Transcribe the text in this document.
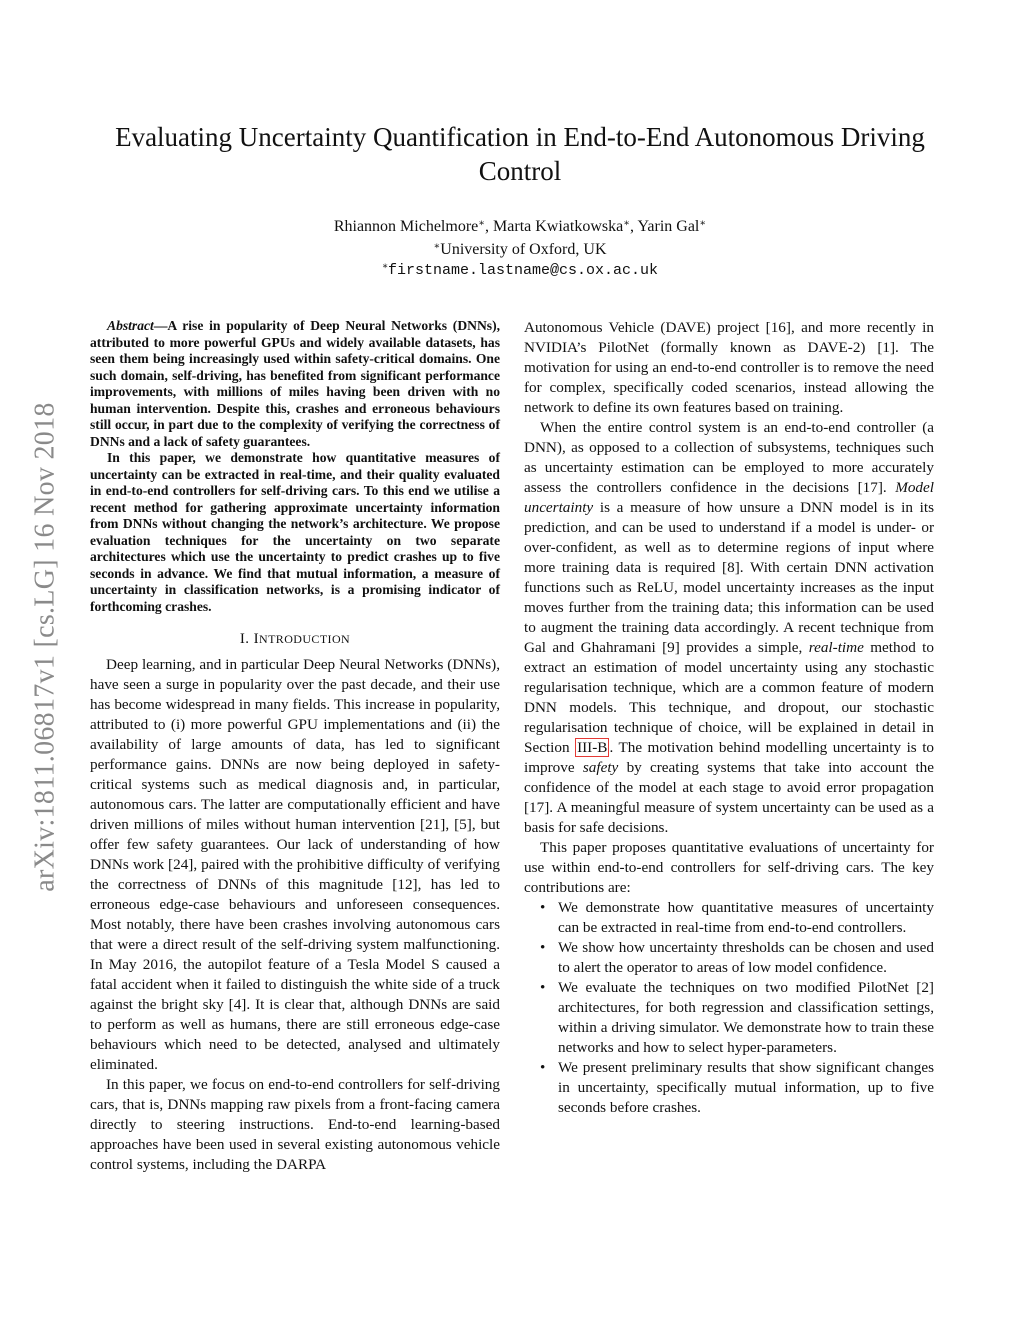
arXiv:1811.06817v1 [cs.LG] 16 Nov 2018
Evaluating Uncertainty Quantification in End-to-End Autonomous Driving Control
Rhiannon Michelmore∗, Marta Kwiatkowska∗, Yarin Gal∗
∗University of Oxford, UK
∗firstname.lastname@cs.ox.ac.uk

Abstract—A rise in popularity of Deep Neural Networks (DNNs), attributed to more powerful GPUs and widely available datasets, has seen them being increasingly used within safety-critical domains. One such domain, self-driving, has benefited from significant performance improvements, with millions of miles having been driven with no human intervention. Despite this, crashes and erroneous behaviours still occur, in part due to the complexity of verifying the correctness of DNNs and a lack of safety guarantees.

In this paper, we demonstrate how quantitative measures of uncertainty can be extracted in real-time, and their quality evaluated in end-to-end controllers for self-driving cars. To this end we utilise a recent method for gathering approximate uncertainty information from DNNs without changing the network’s architecture. We propose evaluation techniques for the uncertainty on two separate architectures which use the uncertainty to predict crashes up to five seconds in advance. We find that mutual information, a measure of uncertainty in classification networks, is a promising indicator of forthcoming crashes.

I. INTRODUCTION

Deep learning, and in particular Deep Neural Networks (DNNs), have seen a surge in popularity over the past decade, and their use has become widespread in many fields. This increase in popularity, attributed to (i) more powerful GPU implementations and (ii) the availability of large amounts of data, has led to significant performance gains. DNNs are now being deployed in safety-critical systems such as medical diagnosis and, in particular, autonomous cars. The latter are computationally efficient and have driven millions of miles without human intervention [21], [5], but offer few safety guarantees. Our lack of understanding of how DNNs work [24], paired with the prohibitive difficulty of verifying the correctness of DNNs of this magnitude [12], has led to erroneous edge-case behaviours and unforeseen consequences. Most notably, there have been crashes involving autonomous cars that were a direct result of the self-driving system malfunctioning. In May 2016, the autopilot feature of a Tesla Model S caused a fatal accident when it failed to distinguish the white side of a truck against the bright sky [4]. It is clear that, although DNNs are said to perform as well as humans, there are still erroneous edge-case behaviours which need to be detected, analysed and ultimately eliminated.

In this paper, we focus on end-to-end controllers for self-driving cars, that is, DNNs mapping raw pixels from a front-facing camera directly to steering instructions. End-to-end learning-based approaches have been used in several existing autonomous vehicle control systems, including the DARPA

Autonomous Vehicle (DAVE) project [16], and more recently in NVIDIA’s PilotNet (formally known as DAVE-2) [1]. The motivation for using an end-to-end controller is to remove the need for complex, specifically coded scenarios, instead allowing the network to define its own features based on training.

When the entire control system is an end-to-end controller (a DNN), as opposed to a collection of subsystems, techniques such as uncertainty estimation can be employed to more accurately assess the controllers confidence in the decisions [17]. Model uncertainty is a measure of how unsure a DNN model is in its prediction, and can be used to understand if a model is under- or over-confident, as well as to determine regions of input where more training data is required [8]. With certain DNN activation functions such as ReLU, model uncertainty increases as the input moves further from the training data; this information can be used to augment the training data accordingly. A recent technique from Gal and Ghahramani [9] provides a simple, real-time method to extract an estimation of model uncertainty using any stochastic regularisation technique, which are a common feature of modern DNN models. This technique, and dropout, our stochastic regularisation technique of choice, will be explained in detail in Section III-B . The motivation behind modelling uncertainty is to improve safety by creating systems that take into account the confidence of the model at each stage to avoid error propagation [17]. A meaningful measure of system uncertainty can be used as a basis for safe decisions.

This paper proposes quantitative evaluations of uncertainty for use within end-to-end controllers for self-driving cars. The key contributions are:

• We demonstrate how quantitative measures of uncertainty can be extracted in real-time from end-to-end controllers.
• We show how uncertainty thresholds can be chosen and used to alert the operator to areas of low model confidence.
• We evaluate the techniques on two modified PilotNet [2] architectures, for both regression and classification settings, within a driving simulator. We demonstrate how to train these networks and how to select hyper-parameters.
• We present preliminary results that show significant changes in uncertainty, specifically mutual information, up to five seconds before crashes.
